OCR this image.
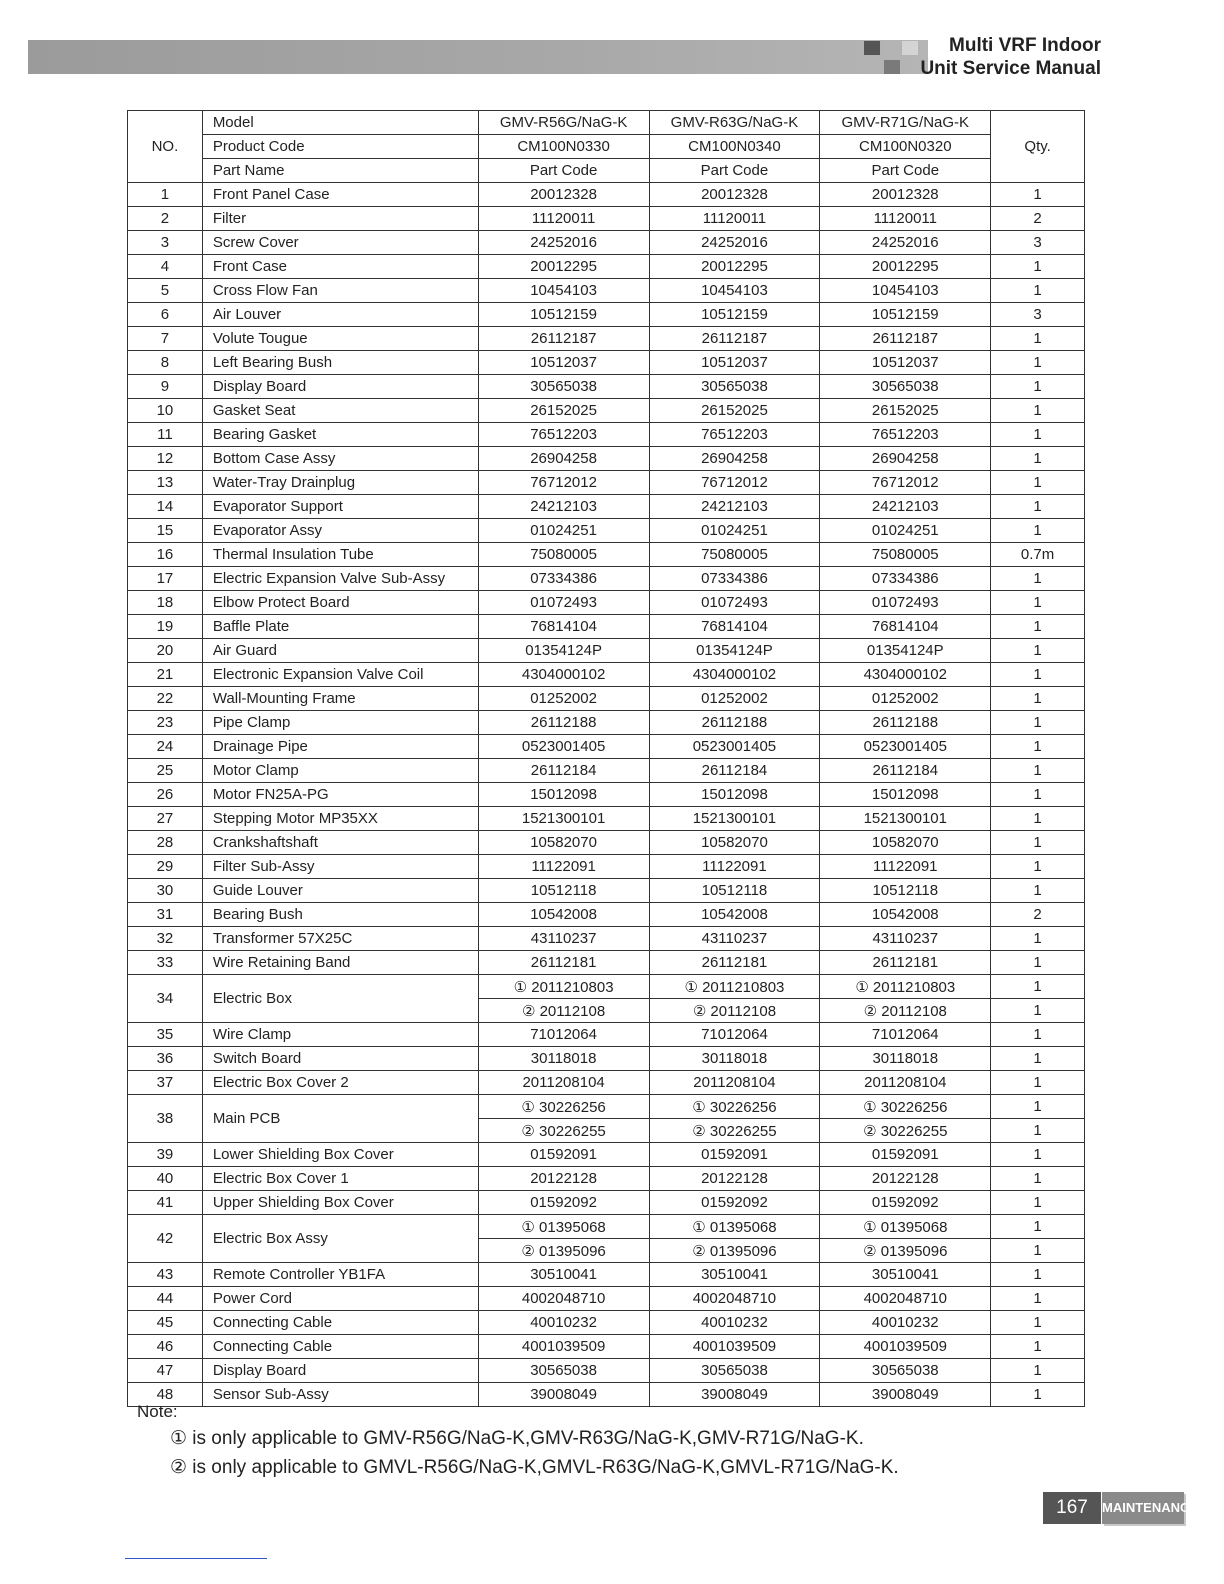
Multi VRF Indoor
Unit Service Manual
NO.	Model	GMV-R56G/NaG-K	GMV-R63G/NaG-K	GMV-R71G/NaG-K	Qty.
	Product Code	CM100N0330	CM100N0340	CM100N0320	
	Part Name	Part Code	Part Code	Part Code	
1	Front Panel Case	20012328	20012328	20012328	1
2	Filter	11120011	11120011	11120011	2
3	Screw Cover	24252016	24252016	24252016	3
4	Front Case	20012295	20012295	20012295	1
5	Cross Flow Fan	10454103	10454103	10454103	1
6	Air Louver	10512159	10512159	10512159	3
7	Volute Tougue	26112187	26112187	26112187	1
8	Left Bearing Bush	10512037	10512037	10512037	1
9	Display Board	30565038	30565038	30565038	1
10	Gasket Seat	26152025	26152025	26152025	1
11	Bearing Gasket	76512203	76512203	76512203	1
12	Bottom Case Assy	26904258	26904258	26904258	1
13	Water-Tray Drainplug	76712012	76712012	76712012	1
14	Evaporator Support	24212103	24212103	24212103	1
15	Evaporator Assy	01024251	01024251	01024251	1
16	Thermal Insulation Tube	75080005	75080005	75080005	0.7m
17	Electric Expansion Valve Sub-Assy	07334386	07334386	07334386	1
18	Elbow Protect Board	01072493	01072493	01072493	1
19	Baffle Plate	76814104	76814104	76814104	1
20	Air Guard	01354124P	01354124P	01354124P	1
21	Electronic Expansion Valve Coil	4304000102	4304000102	4304000102	1
22	Wall-Mounting Frame	01252002	01252002	01252002	1
23	Pipe Clamp	26112188	26112188	26112188	1
24	Drainage Pipe	0523001405	0523001405	0523001405	1
25	Motor Clamp	26112184	26112184	26112184	1
26	Motor FN25A-PG	15012098	15012098	15012098	1
27	Stepping Motor MP35XX	1521300101	1521300101	1521300101	1
28	Crankshaftshaft	10582070	10582070	10582070	1
29	Filter Sub-Assy	11122091	11122091	11122091	1
30	Guide Louver	10512118	10512118	10512118	1
31	Bearing Bush	10542008	10542008	10542008	2
32	Transformer 57X25C	43110237	43110237	43110237	1
33	Wire Retaining Band	26112181	26112181	26112181	1
34	Electric Box	① 2011210803	① 2011210803	① 2011210803	1
		② 20112108	② 20112108	② 20112108	1
35	Wire Clamp	71012064	71012064	71012064	1
36	Switch Board	30118018	30118018	30118018	1
37	Electric Box Cover 2	2011208104	2011208104	2011208104	1
38	Main PCB	① 30226256	① 30226256	① 30226256	1
		② 30226255	② 30226255	② 30226255	1
39	Lower Shielding Box Cover	01592091	01592091	01592091	1
40	Electric Box Cover 1	20122128	20122128	20122128	1
41	Upper Shielding Box Cover	01592092	01592092	01592092	1
42	Electric Box Assy	① 01395068	① 01395068	① 01395068	1
		② 01395096	② 01395096	② 01395096	1
43	Remote Controller YB1FA	30510041	30510041	30510041	1
44	Power Cord	4002048710	4002048710	4002048710	1
45	Connecting Cable	40010232	40010232	40010232	1
46	Connecting Cable	4001039509	4001039509	4001039509	1
47	Display Board	30565038	30565038	30565038	1
48	Sensor Sub-Assy	39008049	39008049	39008049	1
Note:
① is only applicable to GMV-R56G/NaG-K,GMV-R63G/NaG-K,GMV-R71G/NaG-K.
② is only applicable to GMVL-R56G/NaG-K,GMVL-R63G/NaG-K,GMVL-R71G/NaG-K.
167	MAINTENANCE
